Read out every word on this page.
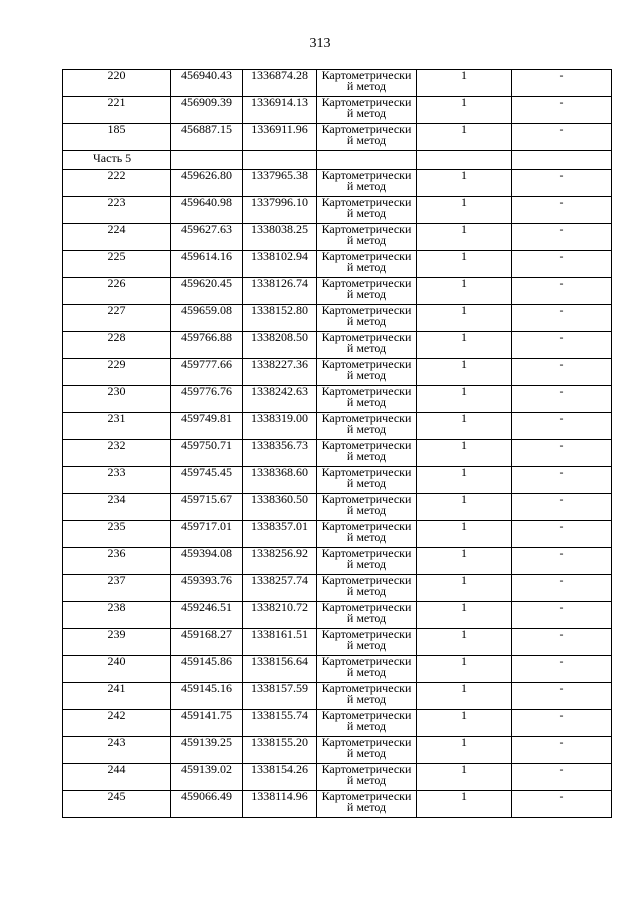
313
220	456940.43	1336874.28	Картометрически
й метод	1	-
221	456909.39	1336914.13	Картометрически
й метод	1	-
185	456887.15	1336911.96	Картометрически
й метод	1	-
Часть 5					
222	459626.80	1337965.38	Картометрически
й метод	1	-
223	459640.98	1337996.10	Картометрически
й метод	1	-
224	459627.63	1338038.25	Картометрически
й метод	1	-
225	459614.16	1338102.94	Картометрически
й метод	1	-
226	459620.45	1338126.74	Картометрически
й метод	1	-
227	459659.08	1338152.80	Картометрически
й метод	1	-
228	459766.88	1338208.50	Картометрически
й метод	1	-
229	459777.66	1338227.36	Картометрически
й метод	1	-
230	459776.76	1338242.63	Картометрически
й метод	1	-
231	459749.81	1338319.00	Картометрически
й метод	1	-
232	459750.71	1338356.73	Картометрически
й метод	1	-
233	459745.45	1338368.60	Картометрически
й метод	1	-
234	459715.67	1338360.50	Картометрически
й метод	1	-
235	459717.01	1338357.01	Картометрически
й метод	1	-
236	459394.08	1338256.92	Картометрически
й метод	1	-
237	459393.76	1338257.74	Картометрически
й метод	1	-
238	459246.51	1338210.72	Картометрически
й метод	1	-
239	459168.27	1338161.51	Картометрически
й метод	1	-
240	459145.86	1338156.64	Картометрически
й метод	1	-
241	459145.16	1338157.59	Картометрически
й метод	1	-
242	459141.75	1338155.74	Картометрически
й метод	1	-
243	459139.25	1338155.20	Картометрически
й метод	1	-
244	459139.02	1338154.26	Картометрически
й метод	1	-
245	459066.49	1338114.96	Картометрически
й метод	1	-
